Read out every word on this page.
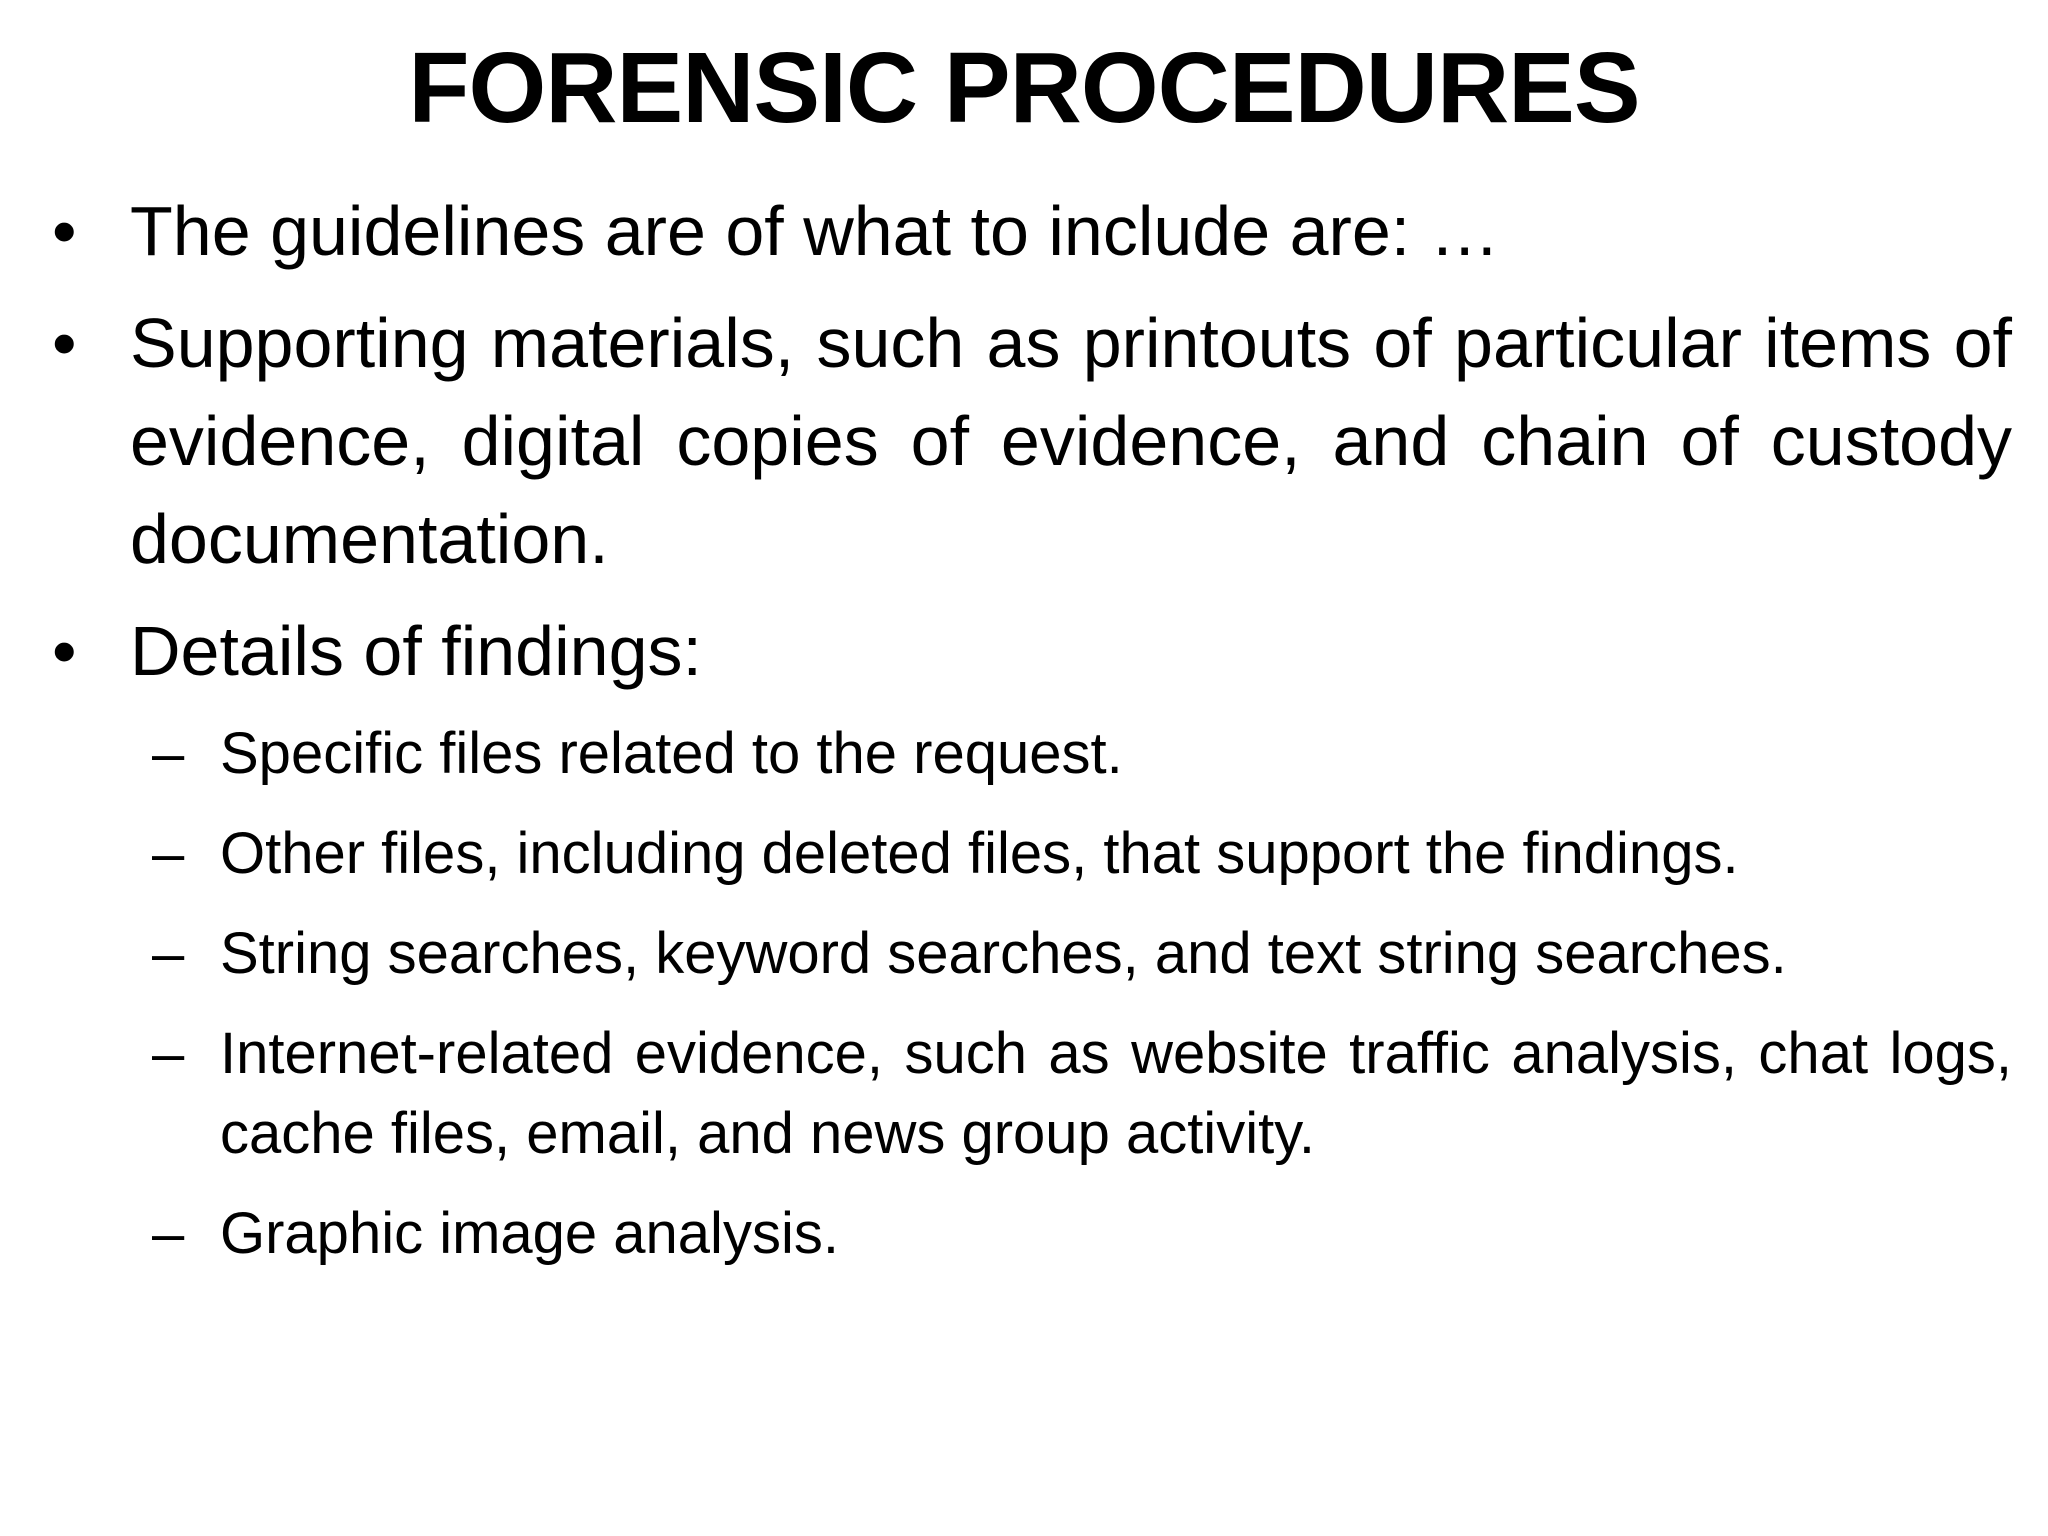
FORENSIC PROCEDURES
• The guidelines are of what to include are: …
• Supporting materials, such as printouts of particular items of evidence, digital copies of evidence, and chain of custody documentation.
• Details of findings:
– Specific files related to the request.
– Other files, including deleted files, that support the findings.
– String searches, keyword searches, and text string searches.
– Internet-related evidence, such as website traffic analysis, chat logs, cache files, email, and news group activity.
– Graphic image analysis.
